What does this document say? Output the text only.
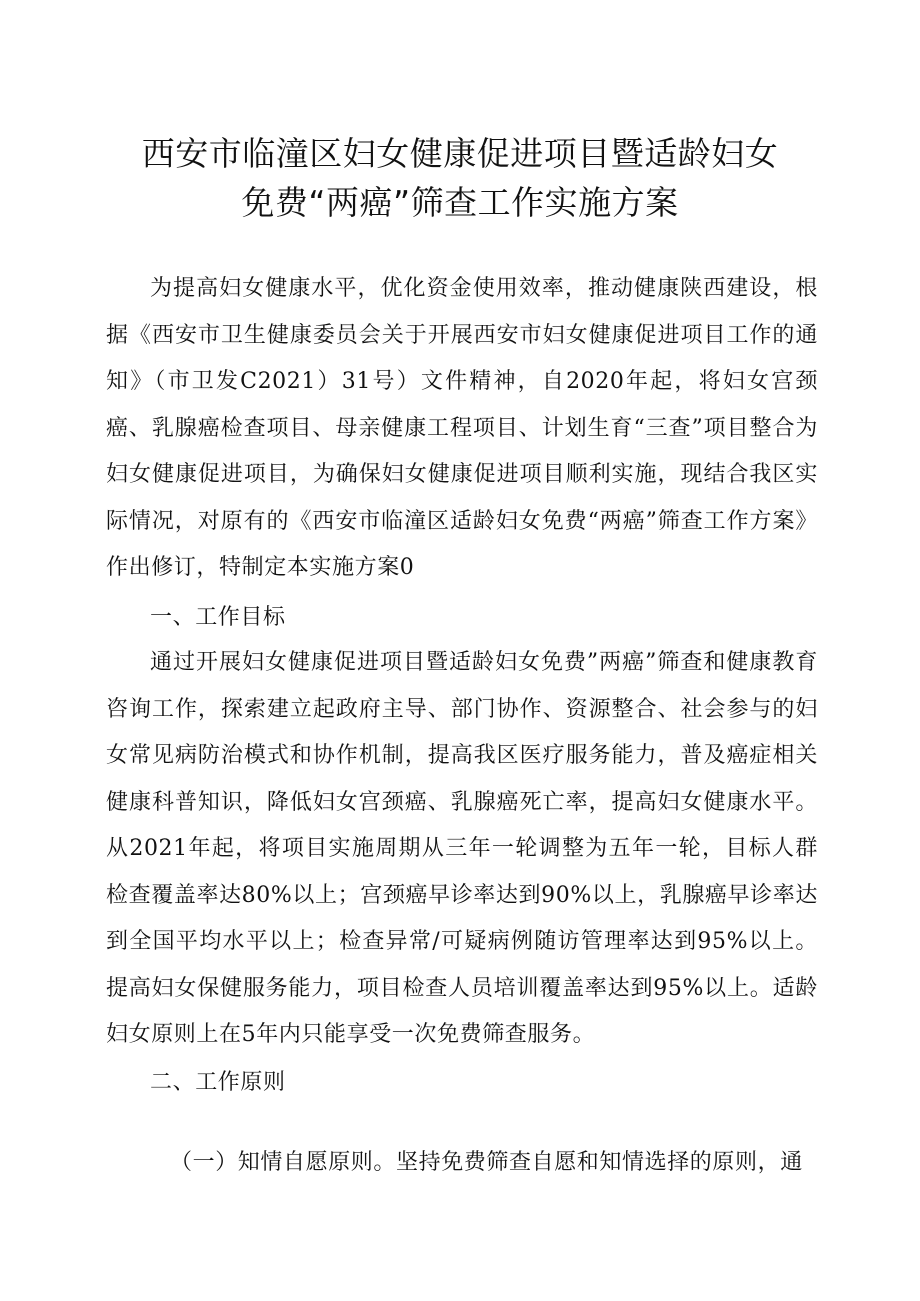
西安市临潼区妇女健康促进项目暨适龄妇女
免费“两癌”筛查工作实施方案

为提高妇女健康水平，优化资金使用效率，推动健康陕西建设，根据《西安市卫生健康委员会关于开展西安市妇女健康促进项目工作的通知》（市卫发C2021）31号）文件精神，自2020年起，将妇女宫颈癌、乳腺癌检查项目、母亲健康工程项目、计划生育“三查”项目整合为妇女健康促进项目，为确保妇女健康促进项目顺利实施，现结合我区实际情况，对原有的《西安市临潼区适龄妇女免费“两癌”筛查工作方案》作出修订，特制定本实施方案0

一、工作目标

通过开展妇女健康促进项目暨适龄妇女免费”两癌”筛查和健康教育咨询工作，探索建立起政府主导、部门协作、资源整合、社会参与的妇女常见病防治模式和协作机制，提高我区医疗服务能力，普及癌症相关健康科普知识，降低妇女宫颈癌、乳腺癌死亡率，提高妇女健康水平。从2021年起，将项目实施周期从三年一轮调整为五年一轮，目标人群检查覆盖率达80%以上；宫颈癌早诊率达到90%以上，乳腺癌早诊率达到全国平均水平以上；检查异常/可疑病例随访管理率达到95%以上。提高妇女保健服务能力，项目检查人员培训覆盖率达到95%以上。适龄妇女原则上在5年内只能享受一次免费筛查服务。

二、工作原则
（一）知情自愿原则。坚持免费筛查自愿和知情选择的原则，通
